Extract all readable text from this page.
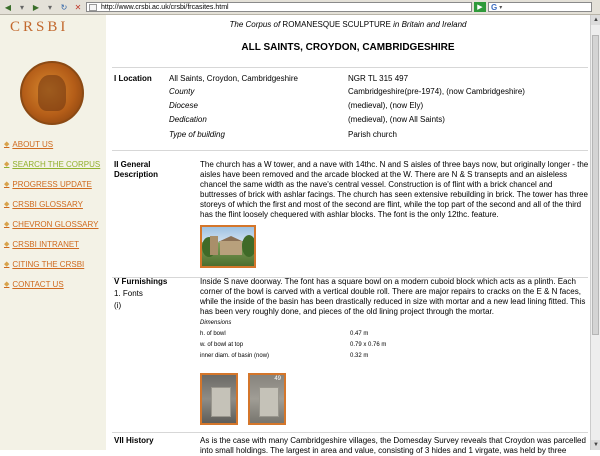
◀	▾	▶	▾	↻ ✕	http://www.crsbi.ac.uk/crsbi/frcasites.html	▶	G ▾
CRSBI
◆ ABOUT US
◆ SEARCH THE CORPUS
◆ PROGRESS UPDATE
◆ CRSBI GLOSSARY
◆ CHEVRON GLOSSARY
◆ CRSBI INTRANET
◆ CITING THE CRSBI
◆ CONTACT US
The Corpus of ROMANESQUE SCULPTURE in Britain and Ireland
ALL SAINTS, CROYDON, CAMBRIDGESHIRE
I Location All Saints, Croydon, Cambridgeshire	NGR TL 315 497
County	Cambridgeshire(pre-1974), (now Cambridgeshire)
Diocese	(medieval), (now Ely)
Dedication	(medieval), (now All Saints)
Type of building	Parish church
II General Description
The church has a W tower, and a nave with 14thc. N and S aisles of three bays now, but originally longer - the aisles have been removed and the arcade blocked at the W. There are N & S transepts and an aisleless chancel the same width as the nave's central vessel. Construction is of flint with a brick chancel and buttresses of brick with ashlar facings. The church has seen extensive rebuilding in brick. The tower has three storeys of which the first and most of the second are flint, while the top part of the second and all of the third has the flint loosely chequered with ashlar blocks. The font is the only 12thc. feature.
V Furnishings
1. Fonts
(i)
Inside S nave doorway. The font has a square bowl on a modern cuboid block which acts as a plinth. Each corner of the bowl is carved with a vertical double roll. There are major repairs to cracks on the E & N faces, while the inside of the basin has been drastically reduced in size with mortar and a new lead lining fitted. This has been very roughly done, and pieces of the old lining project through the mortar.
Dimensions
h. of bowl	0.47 m
w. of bowl at top	0.79 x 0.76 m
inner diam. of basin (now)	0.32 m
49
VII History	As is the case with many Cambridgeshire villages, the Domesday Survey reveals that Croydon was parcelled into small holdings. The largest in area and value, consisting of 3 hides and 1 virgate, was held by three
▲
▼
